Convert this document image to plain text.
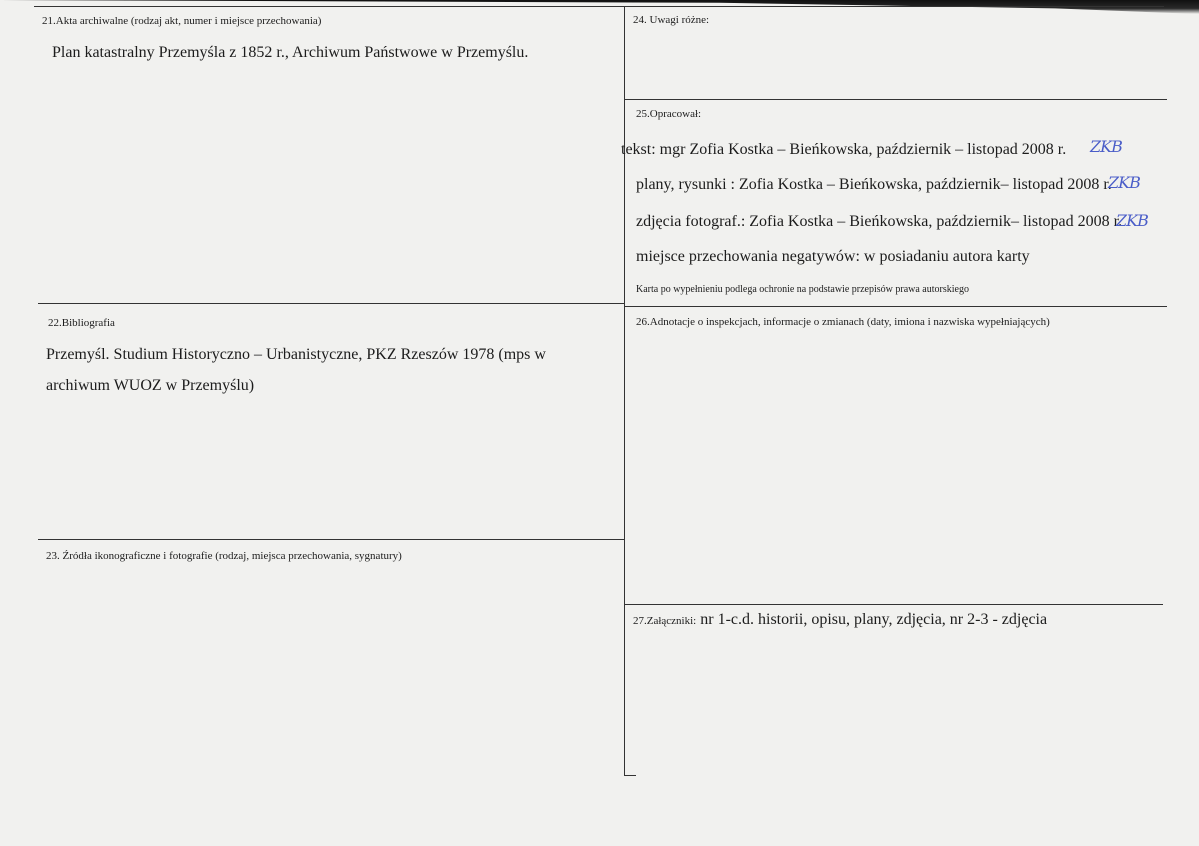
21.Akta archiwalne (rodzaj akt, numer i miejsce przechowania)
Plan katastralny Przemyśla z 1852 r., Archiwum Państwowe w Przemyślu.
22.Bibliografia
Przemyśl. Studium Historyczno – Urbanistyczne, PKZ Rzeszów 1978 (mps w
archiwum WUOZ w Przemyślu)
23. Źródła ikonograficzne i fotografie (rodzaj, miejsca przechowania, sygnatury)
24. Uwagi różne:
25.Opracował:
tekst: mgr Zofia Kostka – Bieńkowska, październik – listopad 2008 r. ZKB
plany, rysunki : Zofia Kostka – Bieńkowska, październik– listopad 2008 r.
ZKB
zdjęcia fotograf.: Zofia Kostka – Bieńkowska, październik– listopad 2008 r.
ZKB
miejsce przechowania negatywów: w posiadaniu autora karty
Karta po wypełnieniu podlega ochronie na podstawie przepisów prawa autorskiego
26.Adnotacje o inspekcjach, informacje o zmianach (daty, imiona i nazwiska wypełniających)
27.Załączniki: nr 1-c.d. historii, opisu, plany, zdjęcia, nr 2-3 - zdjęcia
